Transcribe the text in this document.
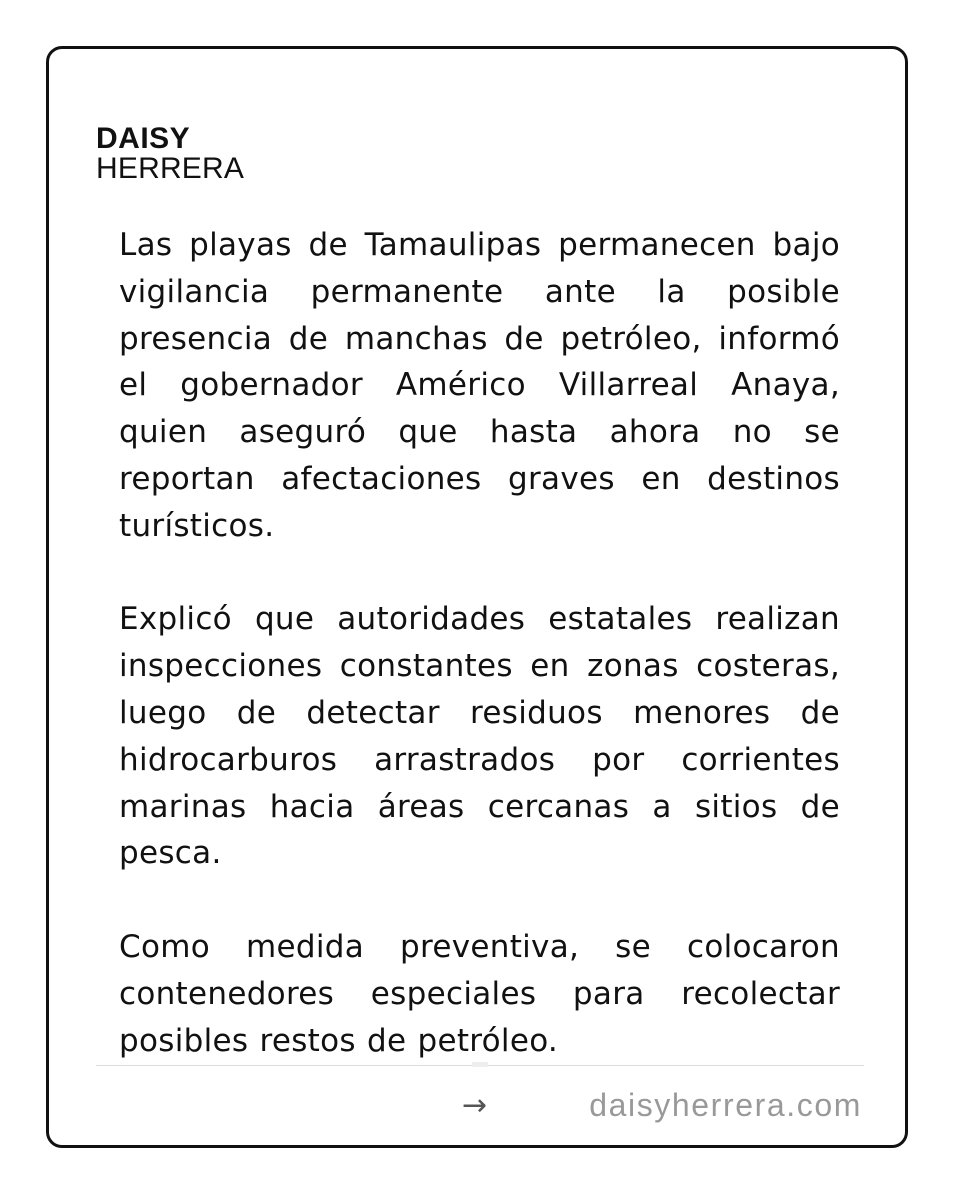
DAISY
HERRERA

Las playas de Tamaulipas permanecen bajo vigilancia permanente ante la posible presencia de manchas de petróleo, informó el gobernador Américo Villarreal Anaya, quien aseguró que hasta ahora no se reportan afectaciones graves en destinos turísticos.

Explicó que autoridades estatales realizan inspecciones constantes en zonas costeras, luego de detectar residuos menores de hidrocarburos arrastrados por corrientes marinas hacia áreas cercanas a sitios de pesca.

Como medida preventiva, se colocaron contenedores especiales para recolectar posibles restos de petróleo.

→	daisyherrera.com
